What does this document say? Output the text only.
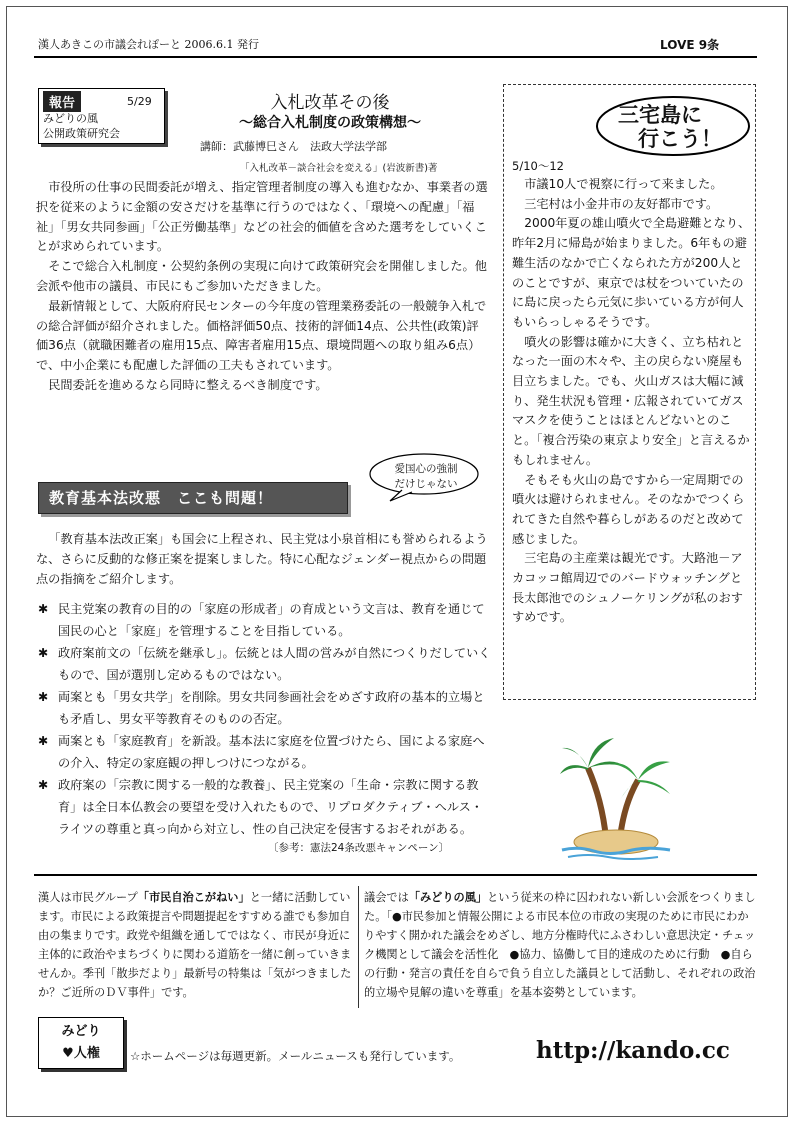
漢人あきこの市議会れぽーと 2006.6.1 発行	LOVE 9条
報告	5/29
みどりの風
公開政策研究会
入札改革その後
～総合入札制度の政策構想～
講師：武藤博巳さん　法政大学法学部
「入札改革－談合社会を変える」(岩波新書)著

市役所の仕事の民間委託が増え、指定管理者制度の導入も進むなか、事業者の選択を従来のように金額の安さだけを基準に行うのではなく、「環境への配慮」「福祉」「男女共同参画」「公正労働基準」などの社会的価値を含めた選考をしていくことが求められています。

そこで総合入札制度・公契約条例の実現に向けて政策研究会を開催しました。他会派や他市の議員、市民にもご参加いただきました。

最新情報として、大阪府府民センターの今年度の管理業務委託の一般競争入札での総合評価が紹介されました。価格評価50点、技術的評価14点、公共性(政策)評価36点（就職困難者の雇用15点、障害者雇用15点、環境問題への取り組み6点）で、中小企業にも配慮した評価の工夫もされています。

民間委託を進めるなら同時に整えるべき制度です。

教育基本法改悪　ここも問題！
愛国心の強制
だけじゃない

「教育基本法改正案」も国会に上程され、民主党は小泉首相にも誉められるような、さらに反動的な修正案を提案しました。特に心配なジェンダー視点からの問題点の指摘をご紹介します。

✱ 民主党案の教育の目的の「家庭の形成者」の育成という文言は、教育を通じて国民の心と「家庭」を管理することを目指している。
✱ 政府案前文の「伝統を継承し」。伝統とは人間の営みが自然につくりだしていくもので、国が選別し定めるものではない。
✱ 両案とも「男女共学」を削除。男女共同参画社会をめざす政府の基本的立場とも矛盾し、男女平等教育そのものの否定。
✱ 両案とも「家庭教育」を新設。基本法に家庭を位置づけたら、国による家庭への介入、特定の家庭観の押しつけにつながる。
✱ 政府案の「宗教に関する一般的な教養」、民主党案の「生命・宗教に関する教育」は全日本仏教会の要望を受け入れたもので、リプロダクティブ・ヘルス・ライツの尊重と真っ向から対立し、性の自己決定を侵害するおそれがある。
〔参考：憲法24条改悪キャンペーン〕
三宅島に
行こう！
5/10～12

市議10人で視察に行って来ました。

三宅村は小金井市の友好都市です。

2000年夏の雄山噴火で全島避難となり、昨年2月に帰島が始まりました。6年もの避難生活のなかで亡くなられた方が200人とのことですが、東京では杖をついていたのに島に戻ったら元気に歩いている方が何人もいらっしゃるそうです。

噴火の影響は確かに大きく、立ち枯れとなった一面の木々や、主の戻らない廃屋も目立ちました。でも、火山ガスは大幅に減り、発生状況も管理・広報されていてガスマスクを使うことはほとんどないとのこと。「複合汚染の東京より安全」と言えるかもしれません。

そもそも火山の島ですから一定周期での噴火は避けられません。そのなかでつくられてきた自然や暮らしがあるのだと改めて感じました。

三宅島の主産業は観光です。大路池－アカコッコ館周辺でのバードウォッチングと長太郎池でのシュノーケリングが私のおすすめです。

漢人は市民グループ「市民自治こがねい」と一緒に活動しています。市民による政策提言や問題提起をすすめる誰でも参加自由の集まりです。政党や組織を通してではなく、市民が身近に主体的に政治やまちづくりに関わる道筋を一緒に創っていきませんか。季刊「散歩だより」最新号の特集は「気がつきましたか？ご近所のＤＶ事件」です。
議会では「みどりの風」という従来の枠に囚われない新しい会派をつくりました。「●市民参加と情報公開による市民本位の市政の実現のために市民にわかりやすく開かれた議会をめざし、地方分権時代にふさわしい意思決定・チェック機関として議会を活性化　●協力、協働して目的達成のために行動　●自らの行動・発言の責任を自らで負う自立した議員として活動し、それぞれの政治的立場や見解の違いを尊重」を基本姿勢としています。
みどり
♥人権	☆ホームページは毎週更新。メールニュースも発行しています。	http://kando.cc
